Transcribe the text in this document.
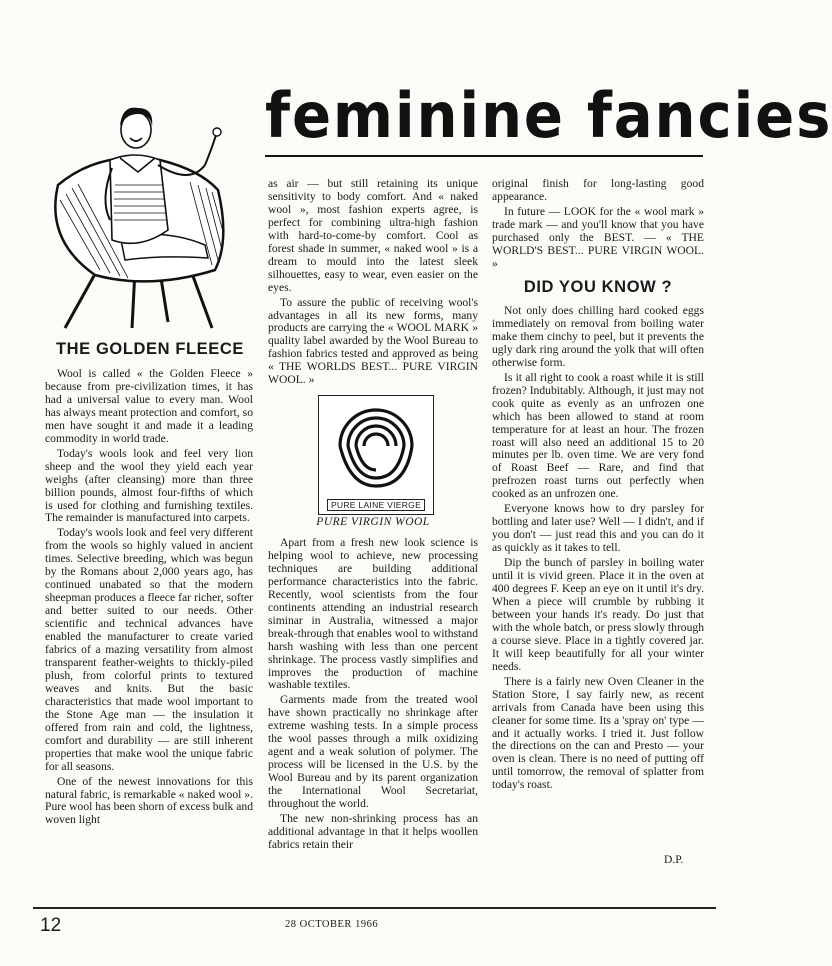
feminine fancies
THE GOLDEN FLEECE

Wool is called « the Golden Fleece » because from pre-civilization times, it has had a universal value to every man. Wool has always meant protection and comfort, so men have sought it and made it a leading commodity in world trade.

Today's wools look and feel very lion sheep and the wool they yield each year weighs (after cleansing) more than three billion pounds, almost four-fifths of which is used for clothing and furnishing textiles. The remainder is manufactured into carpets.

Today's wools look and feel very different from the wools so highly valued in ancient times. Selective breeding, which was begun by the Romans about 2,000 years ago, has continued unabated so that the modern sheepman produces a fleece far richer, softer and better suited to our needs. Other scientific and technical advances have enabled the manufacturer to create varied fabrics of a mazing versatility from almost transparent feather-weights to thickly-piled plush, from colorful prints to textured weaves and knits. But the basic characteristics that made wool important to the Stone Age man — the insulation it offered from rain and cold, the lightness, comfort and durability — are still inherent properties that make wool the unique fabric for all seasons.

One of the newest innovations for this natural fabric, is remarkable « naked wool ». Pure wool has been shorn of excess bulk and woven light

as air — but still retaining its unique sensitivity to body comfort. And « naked wool », most fashion experts agree, is perfect for combining ultra-high fashion with hard-to-come-by comfort. Cool as forest shade in summer, « naked wool » is a dream to mould into the latest sleek silhouettes, easy to wear, even easier on the eyes.

To assure the public of receiving wool's advantages in all its new forms, many products are carrying the « WOOL MARK » quality label awarded by the Wool Bureau to fashion fabrics tested and approved as being « THE WORLDS BEST... PURE VIRGIN WOOL. »

PURE LAINE VIERGE
PURE VIRGIN WOOL

Apart from a fresh new look science is helping wool to achieve, new processing techniques are building additional performance characteristics into the fabric. Recently, wool scientists from the four continents attending an industrial research siminar in Australia, witnessed a major break-through that enables wool to withstand harsh washing with less than one percent shrinkage. The process vastly simplifies and improves the production of machine washable textiles.

Garments made from the treated wool have shown practically no shrinkage after extreme washing tests. In a simple process the wool passes through a milk oxidizing agent and a weak solution of polymer. The process will be licensed in the U.S. by the Wool Bureau and by its parent organization the International Wool Secretariat, throughout the world.

The new non-shrinking process has an additional advantage in that it helps woollen fabrics retain their

original finish for long-lasting good appearance.

In future — LOOK for the « wool mark » trade mark — and you'll know that you have purchased only the BEST. — « THE WORLD'S BEST... PURE VIRGIN WOOL. »

DID YOU KNOW ?

Not only does chilling hard cooked eggs immediately on removal from boiling water make them cinchy to peel, but it prevents the ugly dark ring around the yolk that will often otherwise form.

Is it all right to cook a roast while it is still frozen? Indubitably. Although, it just may not cook quite as evenly as an unfrozen one which has been allowed to stand at room temperature for at least an hour. The frozen roast will also need an additional 15 to 20 minutes per lb. oven time. We are very fond of Roast Beef — Rare, and find that prefrozen roast turns out perfectly when cooked as an unfrozen one.

Everyone knows how to dry parsley for bottling and later use? Well — I didn't, and if you don't — just read this and you can do it as quickly as it takes to tell.

Dip the bunch of parsley in boiling water until it is vivid green. Place it in the oven at 400 degrees F. Keep an eye on it until it's dry. When a piece will crumble by rubbing it between your hands it's ready. Do just that with the whole batch, or press slowly through a course sieve. Place in a tightly covered jar. It will keep beautifully for all your winter needs.

There is a fairly new Oven Cleaner in the Station Store, I say fairly new, as recent arrivals from Canada have been using this cleaner for some time. Its a 'spray on' type — and it actually works. I tried it. Just follow the directions on the can and Presto — your oven is clean. There is no need of putting off until tomorrow, the removal of splatter from today's roast.

D.P.
12	28 OCTOBER 1966
